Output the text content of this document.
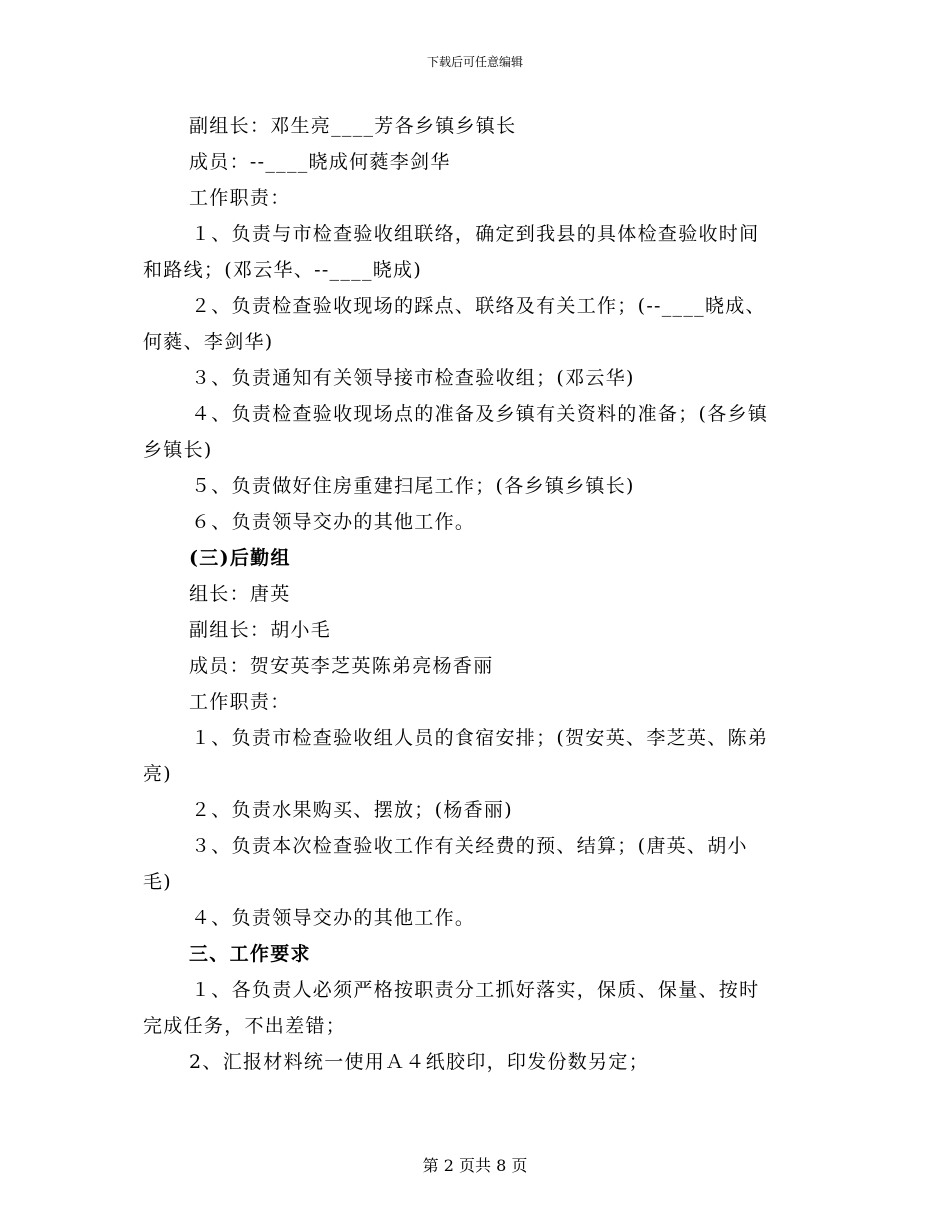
下载后可任意编辑
副组长：邓生亮____芳各乡镇乡镇长
成员：--____晓成何蕤李剑华
工作职责：
１、负责与市检查验收组联络，确定到我县的具体检查验收时间
和路线；(邓云华、--____晓成)
２、负责检查验收现场的踩点、联络及有关工作；(--____晓成、
何蕤、李剑华)
３、负责通知有关领导接市检查验收组；(邓云华)
４、负责检查验收现场点的准备及乡镇有关资料的准备；(各乡镇
乡镇长)
５、负责做好住房重建扫尾工作；(各乡镇乡镇长)
６、负责领导交办的其他工作。
(三)后勤组
组长：唐英
副组长：胡小毛
成员：贺安英李芝英陈弟亮杨香丽
工作职责：
１、负责市检查验收组人员的食宿安排；(贺安英、李芝英、陈弟
亮)
２、负责水果购买、摆放；(杨香丽)
３、负责本次检查验收工作有关经费的预、结算；(唐英、胡小
毛)
４、负责领导交办的其他工作。
三、工作要求
１、各负责人必须严格按职责分工抓好落实，保质、保量、按时
完成任务，不出差错；
2、汇报材料统一使用Ａ４纸胶印，印发份数另定；
第 2 页共 8 页
